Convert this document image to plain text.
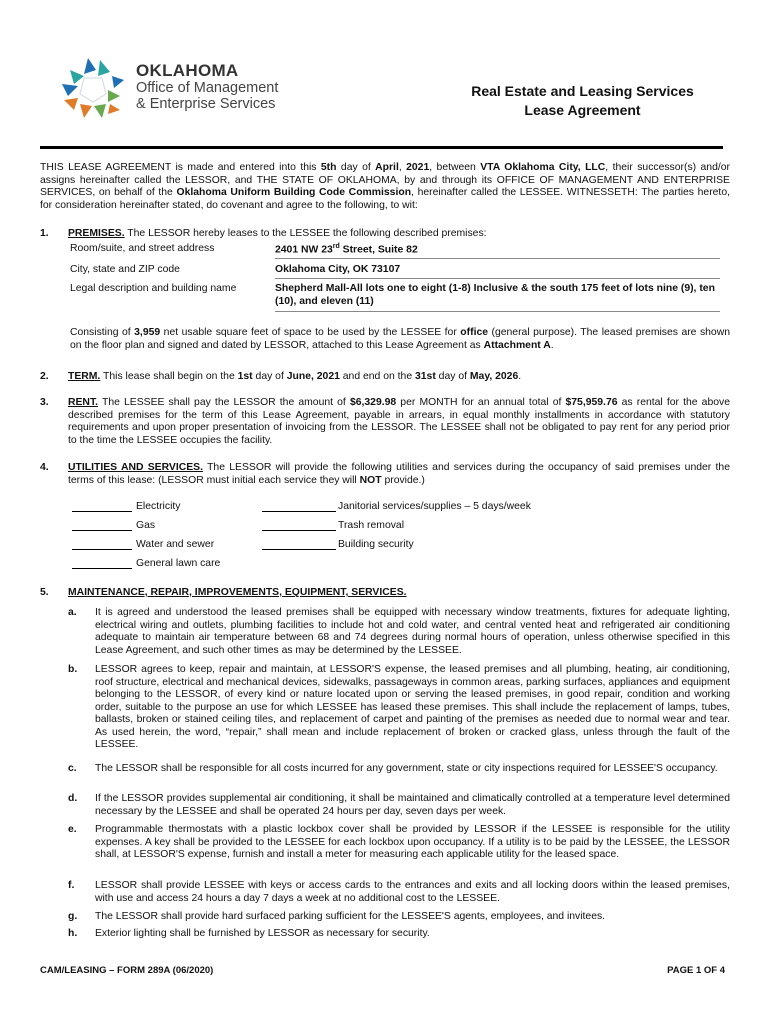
OKLAHOMA
Office of Management
& Enterprise Services
Real Estate and Leasing Services
Lease Agreement
THIS LEASE AGREEMENT is made and entered into this 5th day of April, 2021, between VTA Oklahoma City, LLC, their successor(s) and/or assigns hereinafter called the LESSOR, and THE STATE OF OKLAHOMA, by and through its OFFICE OF MANAGEMENT AND ENTERPRISE SERVICES, on behalf of the Oklahoma Uniform Building Code Commission, hereinafter called the LESSEE. WITNESSETH: The parties hereto, for consideration hereinafter stated, do covenant and agree to the following, to wit:
1. PREMISES. The LESSOR hereby leases to the LESSEE the following described premises:
Room/suite, and street address	2401 NW 23rd Street, Suite 82
City, state and ZIP code	Oklahoma City, OK 73107
Legal description and building name	Shepherd Mall-All lots one to eight (1-8) Inclusive & the south 175 feet of lots nine (9), ten (10), and eleven (11)
Consisting of 3,959 net usable square feet of space to be used by the LESSEE for office (general purpose). The leased premises are shown on the floor plan and signed and dated by LESSOR, attached to this Lease Agreement as Attachment A.
2. TERM. This lease shall begin on the 1st day of June, 2021 and end on the 31st day of May, 2026.
3. RENT. The LESSEE shall pay the LESSOR the amount of $6,329.98 per MONTH for an annual total of $75,959.76 as rental for the above described premises for the term of this Lease Agreement, payable in arrears, in equal monthly installments in accordance with statutory requirements and upon proper presentation of invoicing from the LESSOR. The LESSEE shall not be obligated to pay rent for any period prior to the time the LESSEE occupies the facility.
4. UTILITIES AND SERVICES. The LESSOR will provide the following utilities and services during the occupancy of said premises under the terms of this lease: (LESSOR must initial each service they will NOT provide.)
Electricity
Gas
Water and sewer
General lawn care
Janitorial services/supplies – 5 days/week
Trash removal
Building security
5. MAINTENANCE, REPAIR, IMPROVEMENTS, EQUIPMENT, SERVICES.
a. It is agreed and understood the leased premises shall be equipped with necessary window treatments, fixtures for adequate lighting, electrical wiring and outlets, plumbing facilities to include hot and cold water, and central vented heat and refrigerated air conditioning adequate to maintain air temperature between 68 and 74 degrees during normal hours of operation, unless otherwise specified in this Lease Agreement, and such other times as may be determined by the LESSEE.
b. LESSOR agrees to keep, repair and maintain, at LESSOR'S expense, the leased premises and all plumbing, heating, air conditioning, roof structure, electrical and mechanical devices, sidewalks, passageways in common areas, parking surfaces, appliances and equipment belonging to the LESSOR, of every kind or nature located upon or serving the leased premises, in good repair, condition and working order, suitable to the purpose an use for which LESSEE has leased these premises. This shall include the replacement of lamps, tubes, ballasts, broken or stained ceiling tiles, and replacement of carpet and painting of the premises as needed due to normal wear and tear. As used herein, the word, “repair,” shall mean and include replacement of broken or cracked glass, unless through the fault of the LESSEE.
c. The LESSOR shall be responsible for all costs incurred for any government, state or city inspections required for LESSEE'S occupancy.
d. If the LESSOR provides supplemental air conditioning, it shall be maintained and climatically controlled at a temperature level determined necessary by the LESSEE and shall be operated 24 hours per day, seven days per week.
e. Programmable thermostats with a plastic lockbox cover shall be provided by LESSOR if the LESSEE is responsible for the utility expenses. A key shall be provided to the LESSEE for each lockbox upon occupancy. If a utility is to be paid by the LESSEE, the LESSOR shall, at LESSOR'S expense, furnish and install a meter for measuring each applicable utility for the leased space.
f. LESSOR shall provide LESSEE with keys or access cards to the entrances and exits and all locking doors within the leased premises, with use and access 24 hours a day 7 days a week at no additional cost to the LESSEE.
g. The LESSOR shall provide hard surfaced parking sufficient for the LESSEE'S agents, employees, and invitees.
h. Exterior lighting shall be furnished by LESSOR as necessary for security.
CAM/LEASING – FORM 289A (06/2020)	PAGE 1 OF 4
